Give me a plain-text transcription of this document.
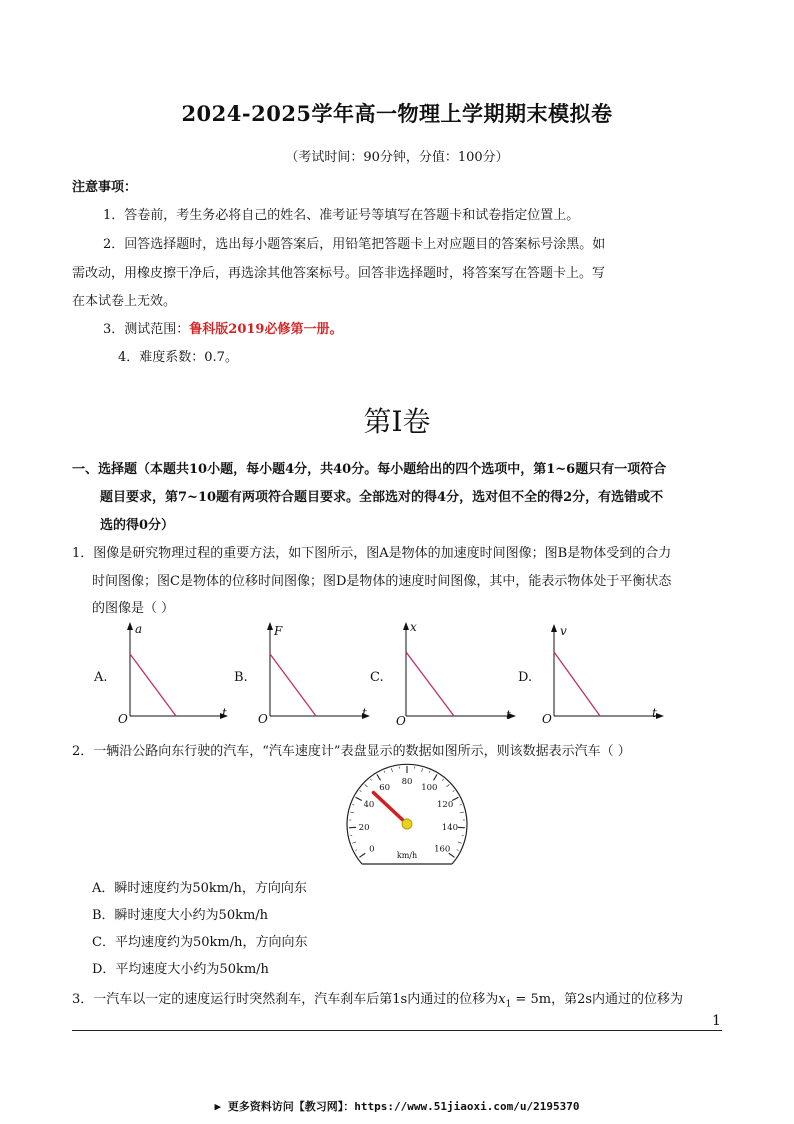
2024-2025学年高一物理上学期期末模拟卷
（考试时间：90分钟，分值：100分）
注意事项：
1．答卷前，考生务必将自己的姓名、准考证号等填写在答题卡和试卷指定位置上。
2．回答选择题时，选出每小题答案后，用铅笔把答题卡上对应题目的答案标号涂黑。如
需改动，用橡皮擦干净后，再选涂其他答案标号。回答非选择题时，将答案写在答题卡上。写
在本试卷上无效。
3．测试范围：鲁科版2019必修第一册。
4．难度系数：0.7。
第Ⅰ卷
一、选择题（本题共10小题，每小题4分，共40分。每小题给出的四个选项中，第1~6题只有一项符合
题目要求，第7~10题有两项符合题目要求。全部选对的得4分，选对但不全的得2分，有选错或不
选的得0分）
1．图像是研究物理过程的重要方法，如下图所示，图A是物体的加速度时间图像；图B是物体受到的合力
时间图像；图C是物体的位移时间图像；图D是物体的速度时间图像，其中，能表示物体处于平衡状态
的图像是（ ）
A.
a
t
O
B.
F
t
O
C.
x
t
O
D.
v
t
O
2．一辆沿公路向东行驶的汽车，“汽车速度计”表盘显示的数据如图所示，则该数据表示汽车（ ）
0
20
40
60
80
100
120
140
160
km/h
A．瞬时速度约为50km/h，方向向东
B．瞬时速度大小约为50km/h
C．平均速度约为50km/h，方向向东
D．平均速度大小约为50km/h
3．一汽车以一定的速度运行时突然刹车，汽车刹车后第1s内通过的位移为$x_1 = 5m$，第2s内通过的位移为
1
▶ 更多资料访问【教习网】：https://www.51jiaoxi.com/u/2195370
